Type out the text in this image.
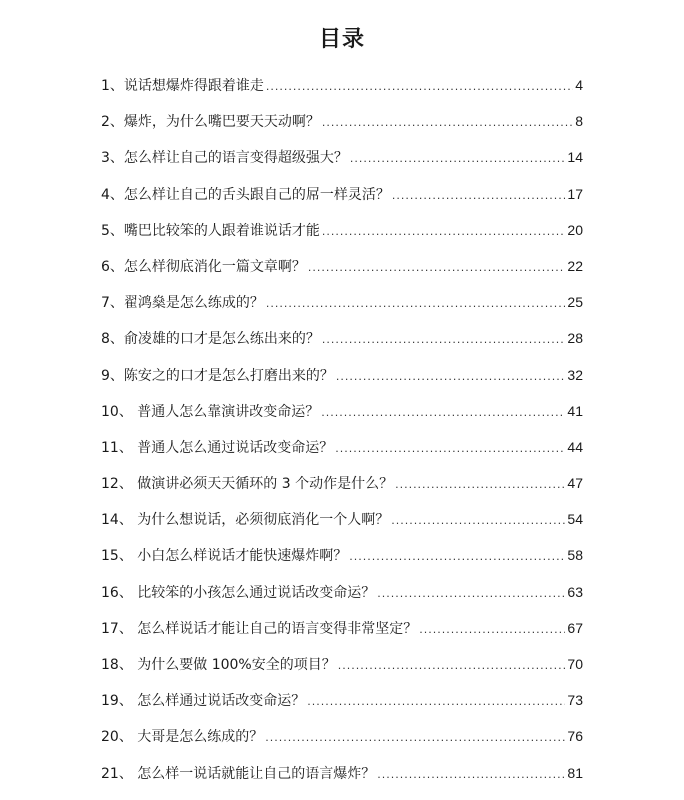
目录
1、说话想爆炸得跟着谁走 .....	4
2、爆炸，为什么嘴巴要天天动啊？ .....	8
3、怎么样让自己的语言变得超级强大？ .....	14
4、怎么样让自己的舌头跟自己的屌一样灵活？ .....	17
5、嘴巴比较笨的人跟着谁说话才能 .....	20
6、怎么样彻底消化一篇文章啊？ .....	22
7、翟鸿燊是怎么练成的？ .....	25
8、俞凌雄的口才是怎么练出来的？ .....	28
9、陈安之的口才是怎么打磨出来的？ .....	32
10、 普通人怎么靠演讲改变命运？ .....	41
11、 普通人怎么通过说话改变命运？ .....	44
12、 做演讲必须天天循环的 3 个动作是什么？ .....	47
14、 为什么想说话，必须彻底消化一个人啊？ .....	54
15、 小白怎么样说话才能快速爆炸啊？ .....	58
16、 比较笨的小孩怎么通过说话改变命运？ .....	63
17、 怎么样说话才能让自己的语言变得非常坚定？ .....	67
18、 为什么要做 100%安全的项目？ .....	70
19、 怎么样通过说话改变命运？ .....	73
20、 大哥是怎么练成的？ .....	76
21、 怎么样一说话就能让自己的语言爆炸？ .....	81
